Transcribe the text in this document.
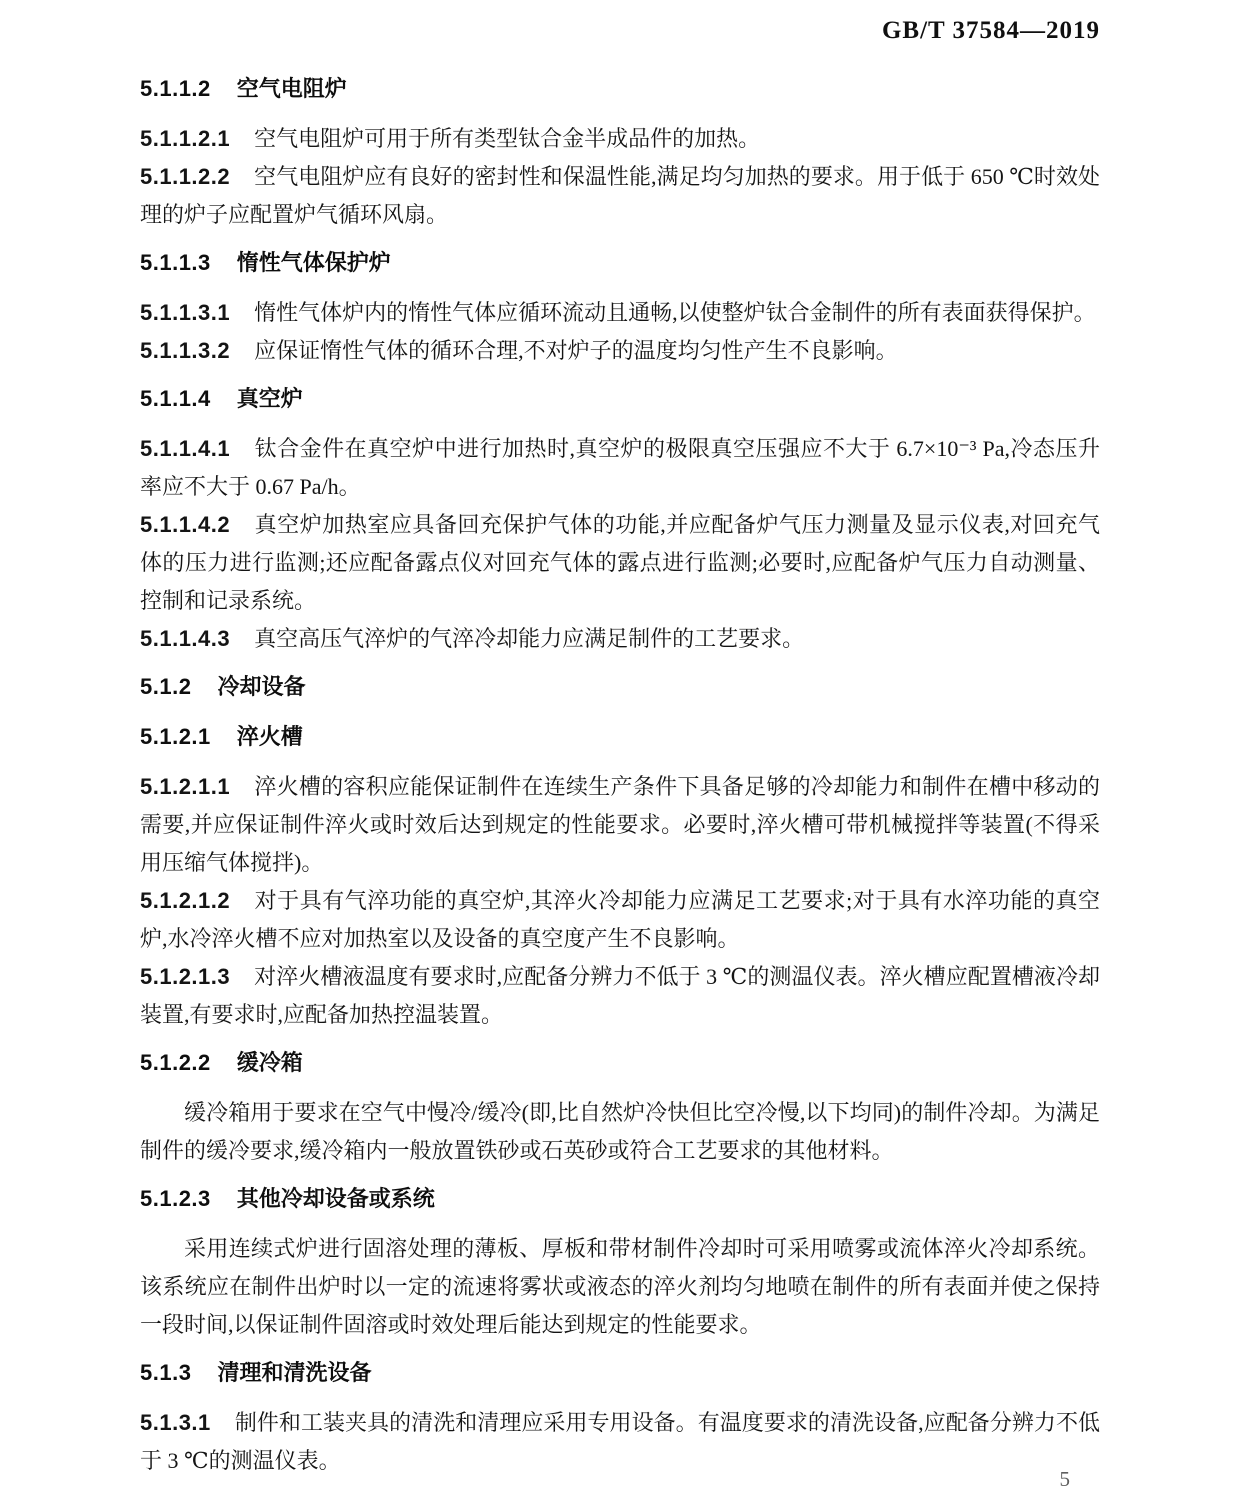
GB/T 37584—2019
5.1.1.2 空气电阻炉

5.1.1.2.1 空气电阻炉可用于所有类型钛合金半成品件的加热。

5.1.1.2.2 空气电阻炉应有良好的密封性和保温性能,满足均匀加热的要求。用于低于 650 ℃时效处理的炉子应配置炉气循环风扇。

5.1.1.3 惰性气体保护炉

5.1.1.3.1 惰性气体炉内的惰性气体应循环流动且通畅,以使整炉钛合金制件的所有表面获得保护。

5.1.1.3.2 应保证惰性气体的循环合理,不对炉子的温度均匀性产生不良影响。

5.1.1.4 真空炉

5.1.1.4.1 钛合金件在真空炉中进行加热时,真空炉的极限真空压强应不大于 6.7×10⁻³ Pa,冷态压升率应不大于 0.67 Pa/h。

5.1.1.4.2 真空炉加热室应具备回充保护气体的功能,并应配备炉气压力测量及显示仪表,对回充气体的压力进行监测;还应配备露点仪对回充气体的露点进行监测;必要时,应配备炉气压力自动测量、控制和记录系统。

5.1.1.4.3 真空高压气淬炉的气淬冷却能力应满足制件的工艺要求。

5.1.2 冷却设备
5.1.2.1 淬火槽

5.1.2.1.1 淬火槽的容积应能保证制件在连续生产条件下具备足够的冷却能力和制件在槽中移动的需要,并应保证制件淬火或时效后达到规定的性能要求。必要时,淬火槽可带机械搅拌等装置(不得采用压缩气体搅拌)。

5.1.2.1.2 对于具有气淬功能的真空炉,其淬火冷却能力应满足工艺要求;对于具有水淬功能的真空炉,水冷淬火槽不应对加热室以及设备的真空度产生不良影响。

5.1.2.1.3 对淬火槽液温度有要求时,应配备分辨力不低于 3 ℃的测温仪表。淬火槽应配置槽液冷却装置,有要求时,应配备加热控温装置。

5.1.2.2 缓冷箱

缓冷箱用于要求在空气中慢冷/缓冷(即,比自然炉冷快但比空冷慢,以下均同)的制件冷却。为满足制件的缓冷要求,缓冷箱内一般放置铁砂或石英砂或符合工艺要求的其他材料。

5.1.2.3 其他冷却设备或系统

采用连续式炉进行固溶处理的薄板、厚板和带材制件冷却时可采用喷雾或流体淬火冷却系统。该系统应在制件出炉时以一定的流速将雾状或液态的淬火剂均匀地喷在制件的所有表面并使之保持一段时间,以保证制件固溶或时效处理后能达到规定的性能要求。

5.1.3 清理和清洗设备

5.1.3.1 制件和工装夹具的清洗和清理应采用专用设备。有温度要求的清洗设备,应配备分辨力不低于 3 ℃的测温仪表。

5
